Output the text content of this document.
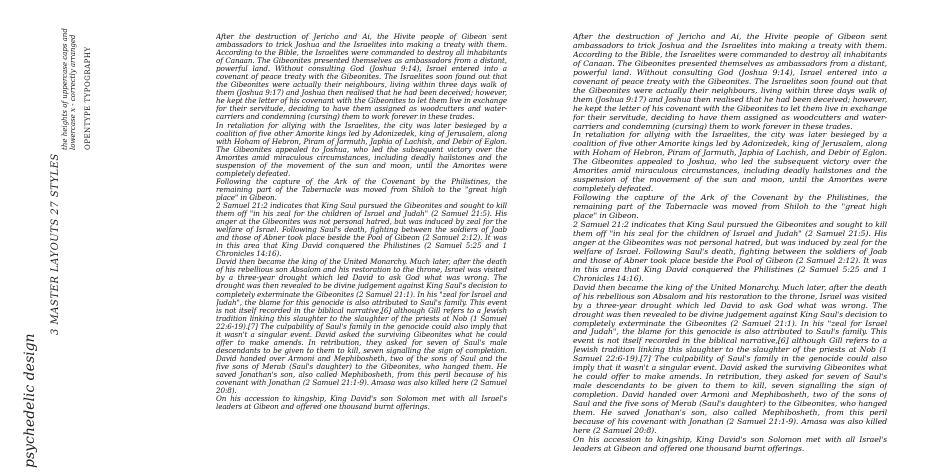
psychedelic design
3 MASTER LAYOUTS 27 STYLES
the heights of uppercase caps and lowercase x - correctly arranged OPENTYPE TYPOGRAPHY

After the destruction of Jericho and Ai, the Hivite people of Gibeon sent ambassadors to trick Joshua and the Israelites into making a treaty with them. According to the Bible, the Israelites were commanded to destroy all inhabitants of Canaan. The Gibeonites presented themselves as ambassadors from a distant, powerful land. Without consulting God (Joshua 9:14), Israel entered into a covenant of peace treaty with the Gibeonites. The Israelites soon found out that the Gibeonites were actually their neighbours, living within three days walk of them (Joshua 9:17) and Joshua then realised that he had been deceived; however, he kept the letter of his covenant with the Gibeonites to let them live in exchange for their servitude, deciding to have them assigned as woodcutters and water-carriers and condemning (cursing) them to work forever in these trades.

In retaliation for allying with the Israelites, the city was later besieged by a coalition of five other Amorite kings led by Adonizedek, king of Jerusalem, along with Hoham of Hebron, Piram of Jarmuth, Japhia of Lachish, and Debir of Eglon. The Gibeonites appealed to Joshua, who led the subsequent victory over the Amorites amid miraculous circumstances, including deadly hailstones and the suspension of the movement of the sun and moon, until the Amorites were completely defeated.

Following the capture of the Ark of the Covenant by the Philistines, the remaining part of the Tabernacle was moved from Shiloh to the "great high place" in Gibeon.

2 Samuel 21:2 indicates that King Saul pursued the Gibeonites and sought to kill them off "in his zeal for the children of Israel and Judah" (2 Samuel 21:5). His anger at the Gibeonites was not personal hatred, but was induced by zeal for the welfare of Israel. Following Saul's death, fighting between the soldiers of Joab and those of Abner took place beside the Pool of Gibeon (2 Samuel 2:12). It was in this area that King David conquered the Philistines (2 Samuel 5:25 and 1 Chronicles 14:16).

David then became the king of the United Monarchy. Much later, after the death of his rebellious son Absalom and his restoration to the throne, Israel was visited by a three-year drought which led David to ask God what was wrong. The drought was then revealed to be divine judgement against King Saul's decision to completely exterminate the Gibeonites (2 Samuel 21:1). In his "zeal for Israel and Judah", the blame for this genocide is also attributed to Saul's family. This event is not itself recorded in the biblical narrative,[6] although Gill refers to a Jewish tradition linking this slaughter to the slaughter of the priests at Nob (1 Samuel 22:6-19).[7] The culpability of Saul's family in the genocide could also imply that it wasn't a singular event. David asked the surviving Gibeonites what he could offer to make amends. In retribution, they asked for seven of Saul's male descendants to be given to them to kill, seven signalling the sign of completion. David handed over Armoni and Mephibosheth, two of the sons of Saul and the five sons of Merab (Saul's daughter) to the Gibeonites, who hanged them. He saved Jonathan's son, also called Mephibosheth, from this peril because of his covenant with Jonathan (2 Samuel 21:1-9). Amasa was also killed here (2 Samuel 20:8).

On his accession to kingship, King David's son Solomon met with all Israel's leaders at Gibeon and offered one thousand burnt offerings.

After the destruction of Jericho and Ai, the Hivite people of Gibeon sent ambassadors to trick Joshua and the Israelites into making a treaty with them. According to the Bible, the Israelites were commanded to destroy all inhabitants of Canaan. The Gibeonites presented themselves as ambassadors from a distant, powerful land. Without consulting God (Joshua 9:14), Israel entered into a covenant of peace treaty with the Gibeonites. The Israelites soon found out that the Gibeonites were actually their neighbours, living within three days walk of them (Joshua 9:17) and Joshua then realised that he had been deceived; however, he kept the letter of his covenant with the Gibeonites to let them live in exchange for their servitude, deciding to have them assigned as woodcutters and water-carriers and condemning (cursing) them to work forever in these trades.

In retaliation for allying with the Israelites, the city was later besieged by a coalition of five other Amorite kings led by Adonizedek, king of Jerusalem, along with Hoham of Hebron, Piram of Jarmuth, Japhia of Lachish, and Debir of Eglon. The Gibeonites appealed to Joshua, who led the subsequent victory over the Amorites amid miraculous circumstances, including deadly hailstones and the suspension of the movement of the sun and moon, until the Amorites were completely defeated.

Following the capture of the Ark of the Covenant by the Philistines, the remaining part of the Tabernacle was moved from Shiloh to the "great high place" in Gibeon.

2 Samuel 21:2 indicates that King Saul pursued the Gibeonites and sought to kill them off "in his zeal for the children of Israel and Judah" (2 Samuel 21:5). His anger at the Gibeonites was not personal hatred, but was induced by zeal for the welfare of Israel. Following Saul's death, fighting between the soldiers of Joab and those of Abner took place beside the Pool of Gibeon (2 Samuel 2:12). It was in this area that King David conquered the Philistines (2 Samuel 5:25 and 1 Chronicles 14:16).

David then became the king of the United Monarchy. Much later, after the death of his rebellious son Absalom and his restoration to the throne, Israel was visited by a three-year drought which led David to ask God what was wrong. The drought was then revealed to be divine judgement against King Saul's decision to completely exterminate the Gibeonites (2 Samuel 21:1). In his "zeal for Israel and Judah", the blame for this genocide is also attributed to Saul's family. This event is not itself recorded in the biblical narrative,[6] although Gill refers to a Jewish tradition linking this slaughter to the slaughter of the priests at Nob (1 Samuel 22:6-19).[7] The culpability of Saul's family in the genocide could also imply that it wasn't a singular event. David asked the surviving Gibeonites what he could offer to make amends. In retribution, they asked for seven of Saul's male descendants to be given to them to kill, seven signalling the sign of completion. David handed over Armoni and Mephibosheth, two of the sons of Saul and the five sons of Merab (Saul's daughter) to the Gibeonites, who hanged them. He saved Jonathan's son, also called Mephibosheth, from this peril because of his covenant with Jonathan (2 Samuel 21:1-9). Amasa was also killed here (2 Samuel 20:8).

On his accession to kingship, King David's son Solomon met with all Israel's leaders at Gibeon and offered one thousand burnt offerings.
